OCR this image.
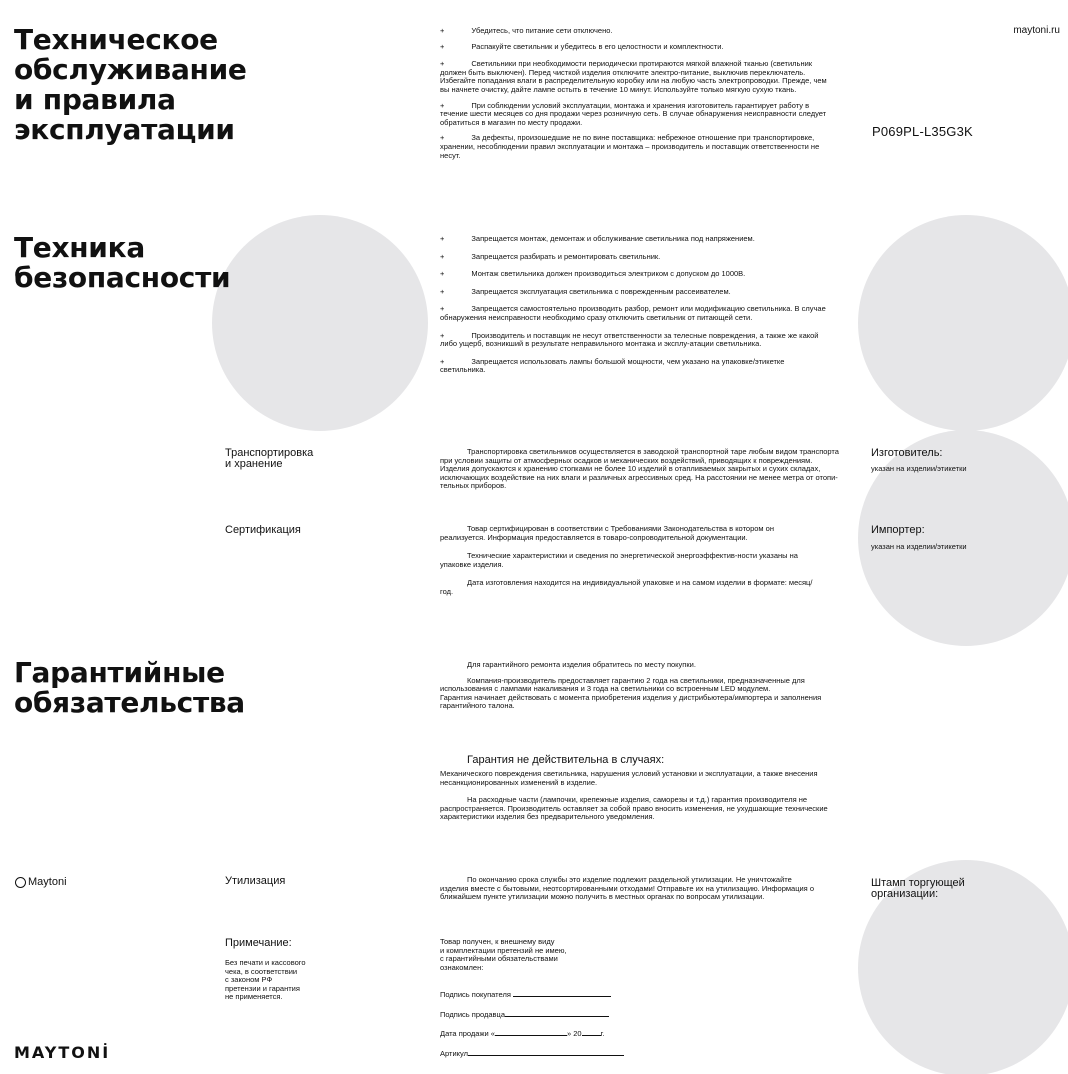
maytoni.ru
P069PL-L35G3K
Техническое
обслуживание
и правила
эксплуатации
Техника
безопасности
Гарантийные
обязательства
+	Убедитесь, что питание сети отключено.
+	Распакуйте светильник и убедитесь в его целостности и комплектности.
+	Светильники при необходимости периодически протираются мягкой влажной тканью (светильник должен быть выключен). Перед чисткой изделия отключите электро-питание, выключив переключатель. Избегайте попадания влаги в распределительную коробку или на любую часть электропроводки. Прежде, чем вы начнете очистку, дайте лампе остыть в течение 10 минут. Используйте только мягкую сухую ткань.
+	При соблюдении условий эксплуатации, монтажа и хранения изготовитель гарантирует работу в течение шести месяцев со дня продажи через розничную сеть. В случае обнаружения неисправности следует обратиться в магазин по месту продажи.
+	За дефекты, произошедшие не по вине поставщика: небрежное отношение при транспортировке, хранении, несоблюдении правил эксплуатации и монтажа – производитель и поставщик ответственности не несут.
+	Запрещается монтаж, демонтаж и обслуживание светильника под напряжением.
+	Запрещается разбирать и ремонтировать светильник.
+	Монтаж светильника должен производиться электриком с допуском до 1000В.
+	Запрещается эксплуатация светильника с поврежденным рассеивателем.
+	Запрещается самостоятельно производить разбор, ремонт или модификацию светильника. В случае обнаружения неисправности необходимо сразу отключить светильник от питающей сети.
+	Производитель и поставщик не несут ответственности за телесные повреждения, а также же какой либо ущерб, возникший в результате неправильного монтажа и эксплу-атации светильника.
+	Запрещается использовать лампы большой мощности, чем указано на упаковке/этикетке светильника.
Транспортировка
и хранение
Транспортировка светильников осуществляется в заводской транспортной таре любым видом транспорта при условии защиты от атмосферных осадков и механических воздействий, приводящих к повреждениям. Изделия допускаются к хранению стопками не более 10 изделий в отапливаемых закрытых и сухих складах, исключающих воздействие на них влаги и различных агрессивных сред. На расстоянии не менее метра от отопи-тельных приборов.
Изготовитель:
указан на изделии/этикетки
Импортер:
указан на изделии/этикетки
Сертификация	Товар сертифицирован в соответствии с Требованиями Законодательства в котором он реализуется. Информация предоставляется в товаро-сопроводительной документации.
Технические характеристики и сведения по энергетической энергоэффектив-ности указаны на упаковке изделия.
Дата изготовления находится на индивидуальной упаковке и на самом изделии в формате: месяц/год.
Для гарантийного ремонта изделия обратитесь по месту покупки.
Компания-производитель предоставляет гарантию 2 года на светильники, предназначенные для использования с лампами накаливания и 3 года на светильники со встроенным LED модулем.
Гарантия начинает действовать с момента приобретения изделия у дистрибьютера/импортера и заполнения гарантийного талона.
Гарантия не действительна в случаях:
Механического повреждения светильника, нарушения условий установки и эксплуатации, а также внесения несанкционированных изменений в изделие.
На расходные части (лампочки, крепежные изделия, саморезы и т.д.) гарантия производителя не распространяется. Производитель оставляет за собой право вносить изменения, не ухудшающие технические характеристики изделия без предварительного уведомления.
Maytoni	Утилизация	По окончанию срока службы это изделие подлежит раздельной утилизации. Не уничтожайте изделия вместе с бытовыми, неотсортированными отходами! Отправьте их на утилизацию. Информация о ближайшем пункте утилизации можно получить в местных органах по вопросам утилизации.
Штамп торгующей
организации:
Примечание:
Без печати и кассового
чека, в соответствии
с законом РФ
претензии и гарантия
не применяется.
Товар получен, к внешнему виду
и комплектации претензий не имею,
с гарантийными обязательствами
ознакомлен:
Подпись покупателя
Подпись продавца
Дата продажи «	» 20	г.
Артикул
MAYTONİ
